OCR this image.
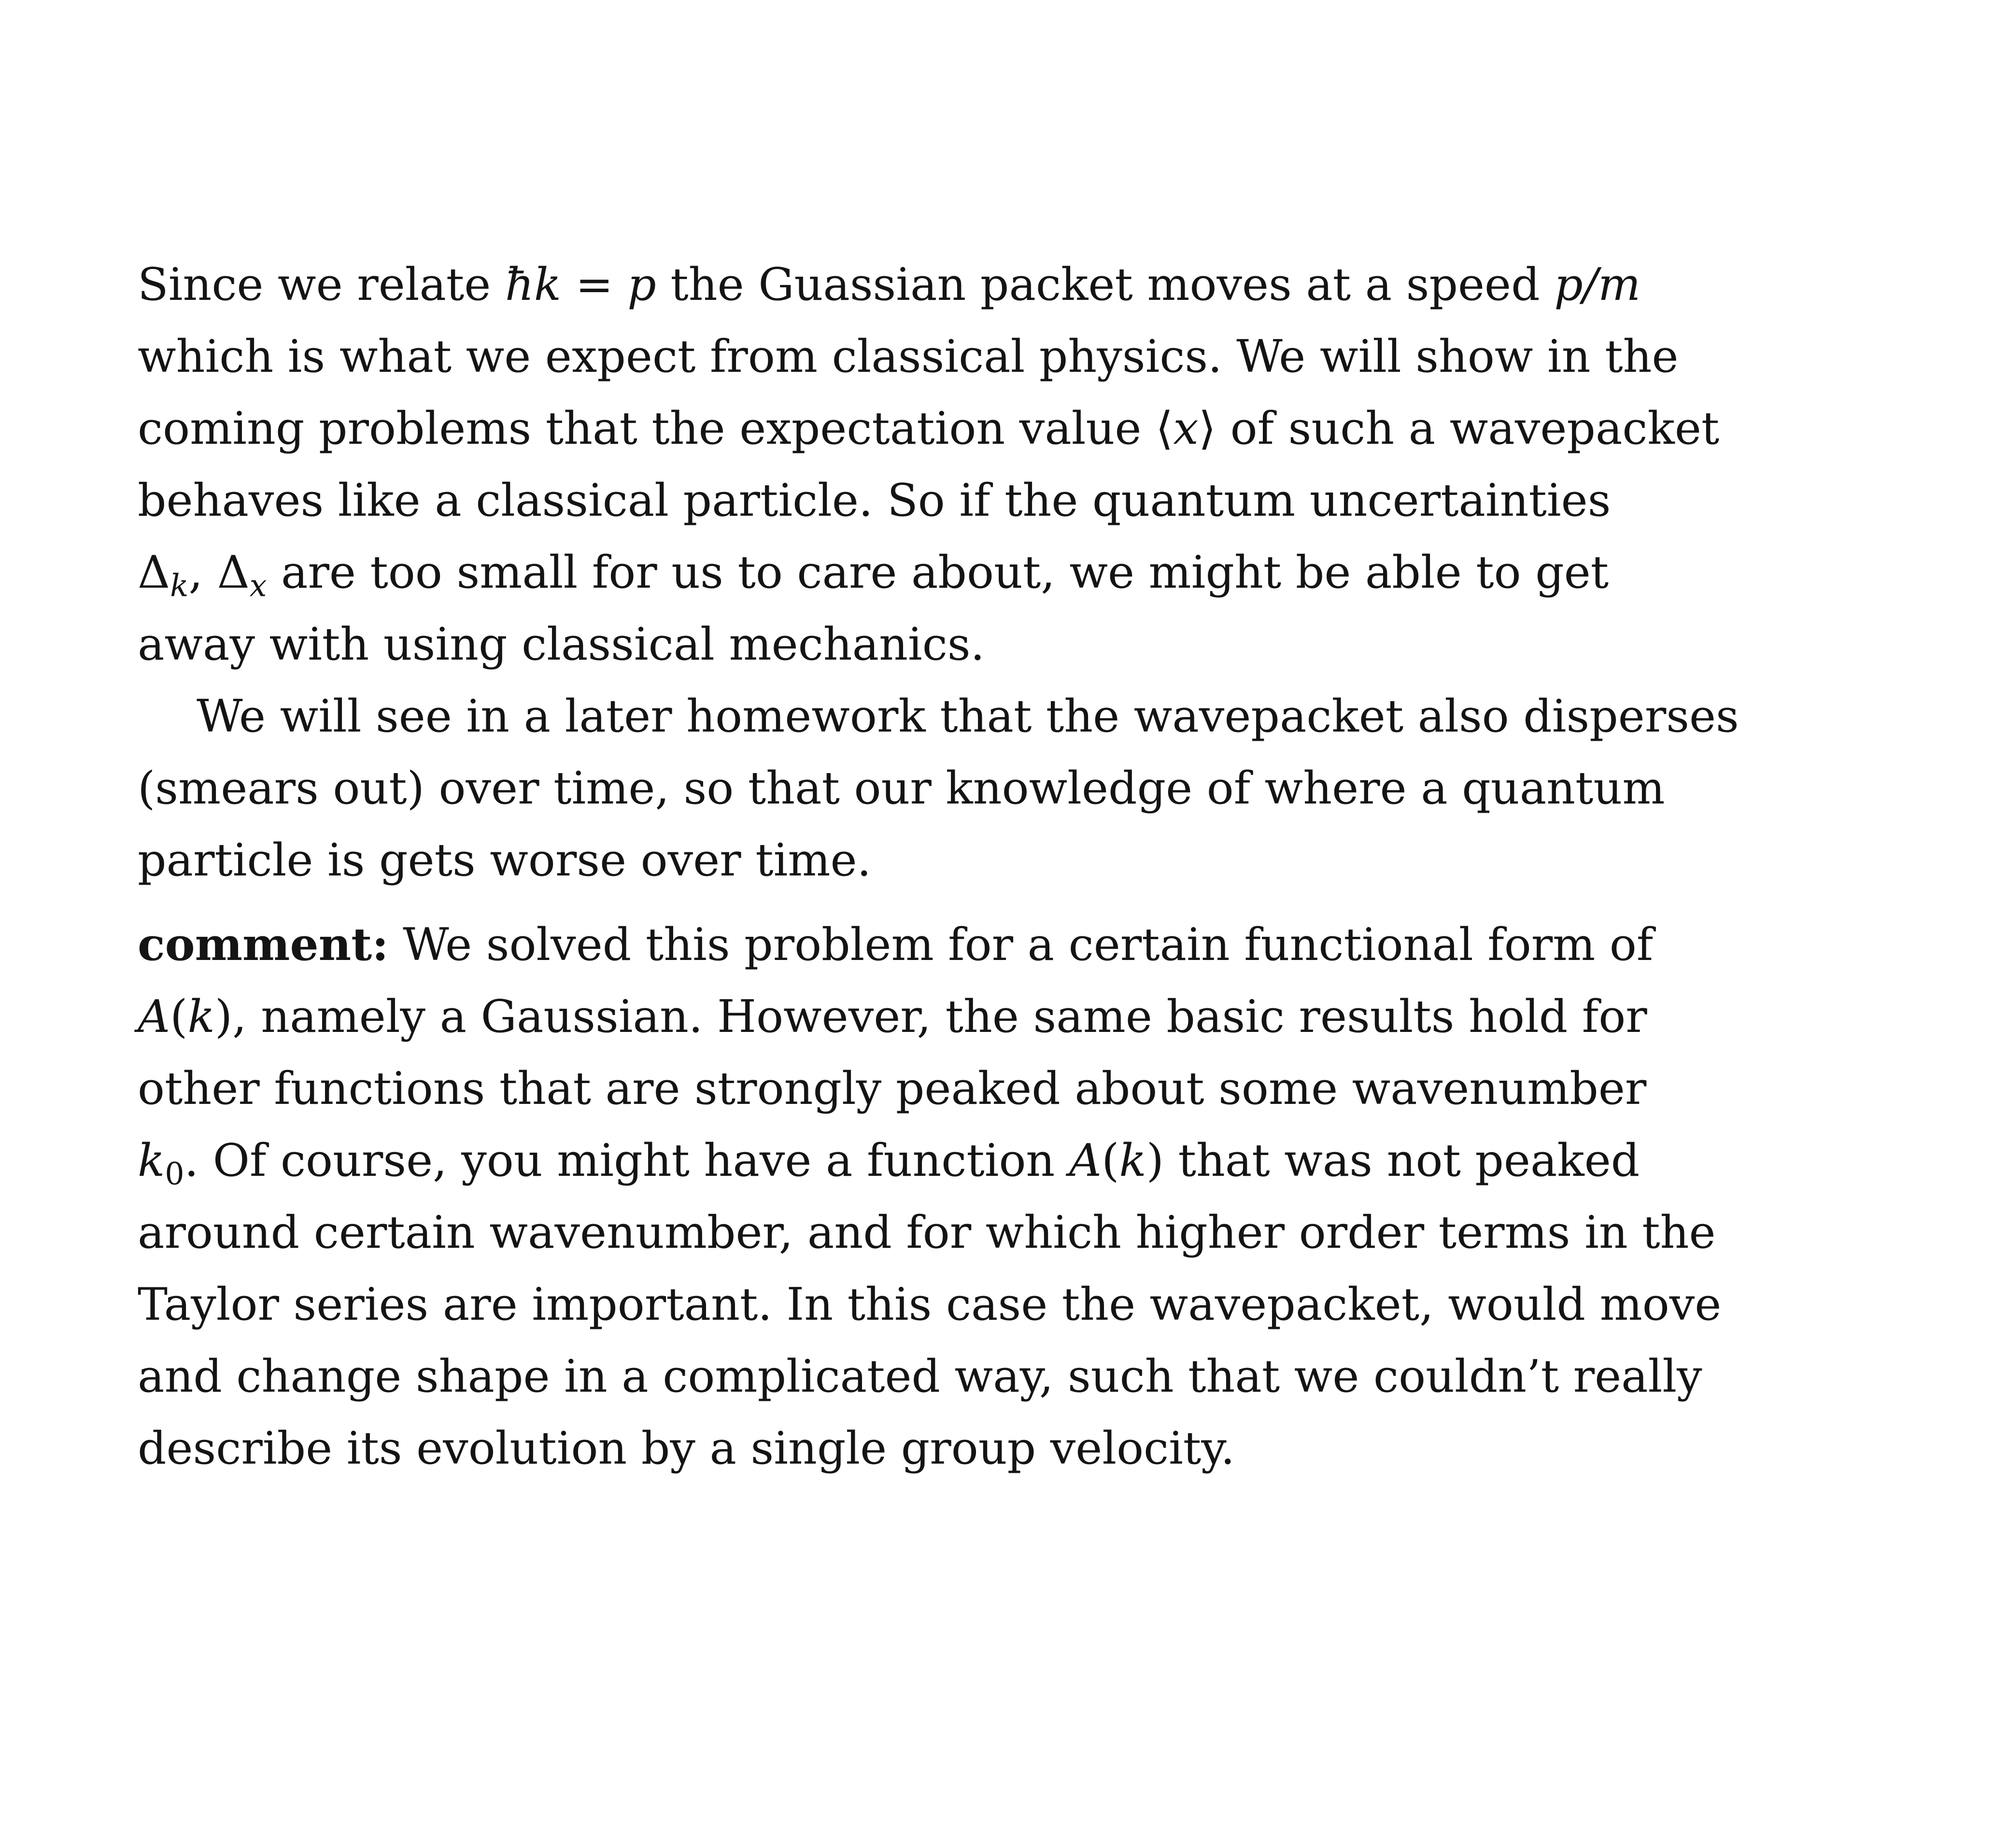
Since we relate ħk = p the Guassian packet moves at a speed p/m
which is what we expect from classical physics. We will show in the
coming problems that the expectation value ⟨x⟩ of such a wavepacket
behaves like a classical particle. So if the quantum uncertainties
$\Delta_k$, $\Delta_x$ are too small for us to care about, we might be able to get
away with using classical mechanics.
We will see in a later homework that the wavepacket also disperses
(smears out) over time, so that our knowledge of where a quantum
particle is gets worse over time.
comment: We solved this problem for a certain functional form of
A(k), namely a Gaussian. However, the same basic results hold for
other functions that are strongly peaked about some wavenumber
k0. Of course, you might have a function A(k) that was not peaked
around certain wavenumber, and for which higher order terms in the
Taylor series are important. In this case the wavepacket, would move
and change shape in a complicated way, such that we couldn’t really
describe its evolution by a single group velocity.
